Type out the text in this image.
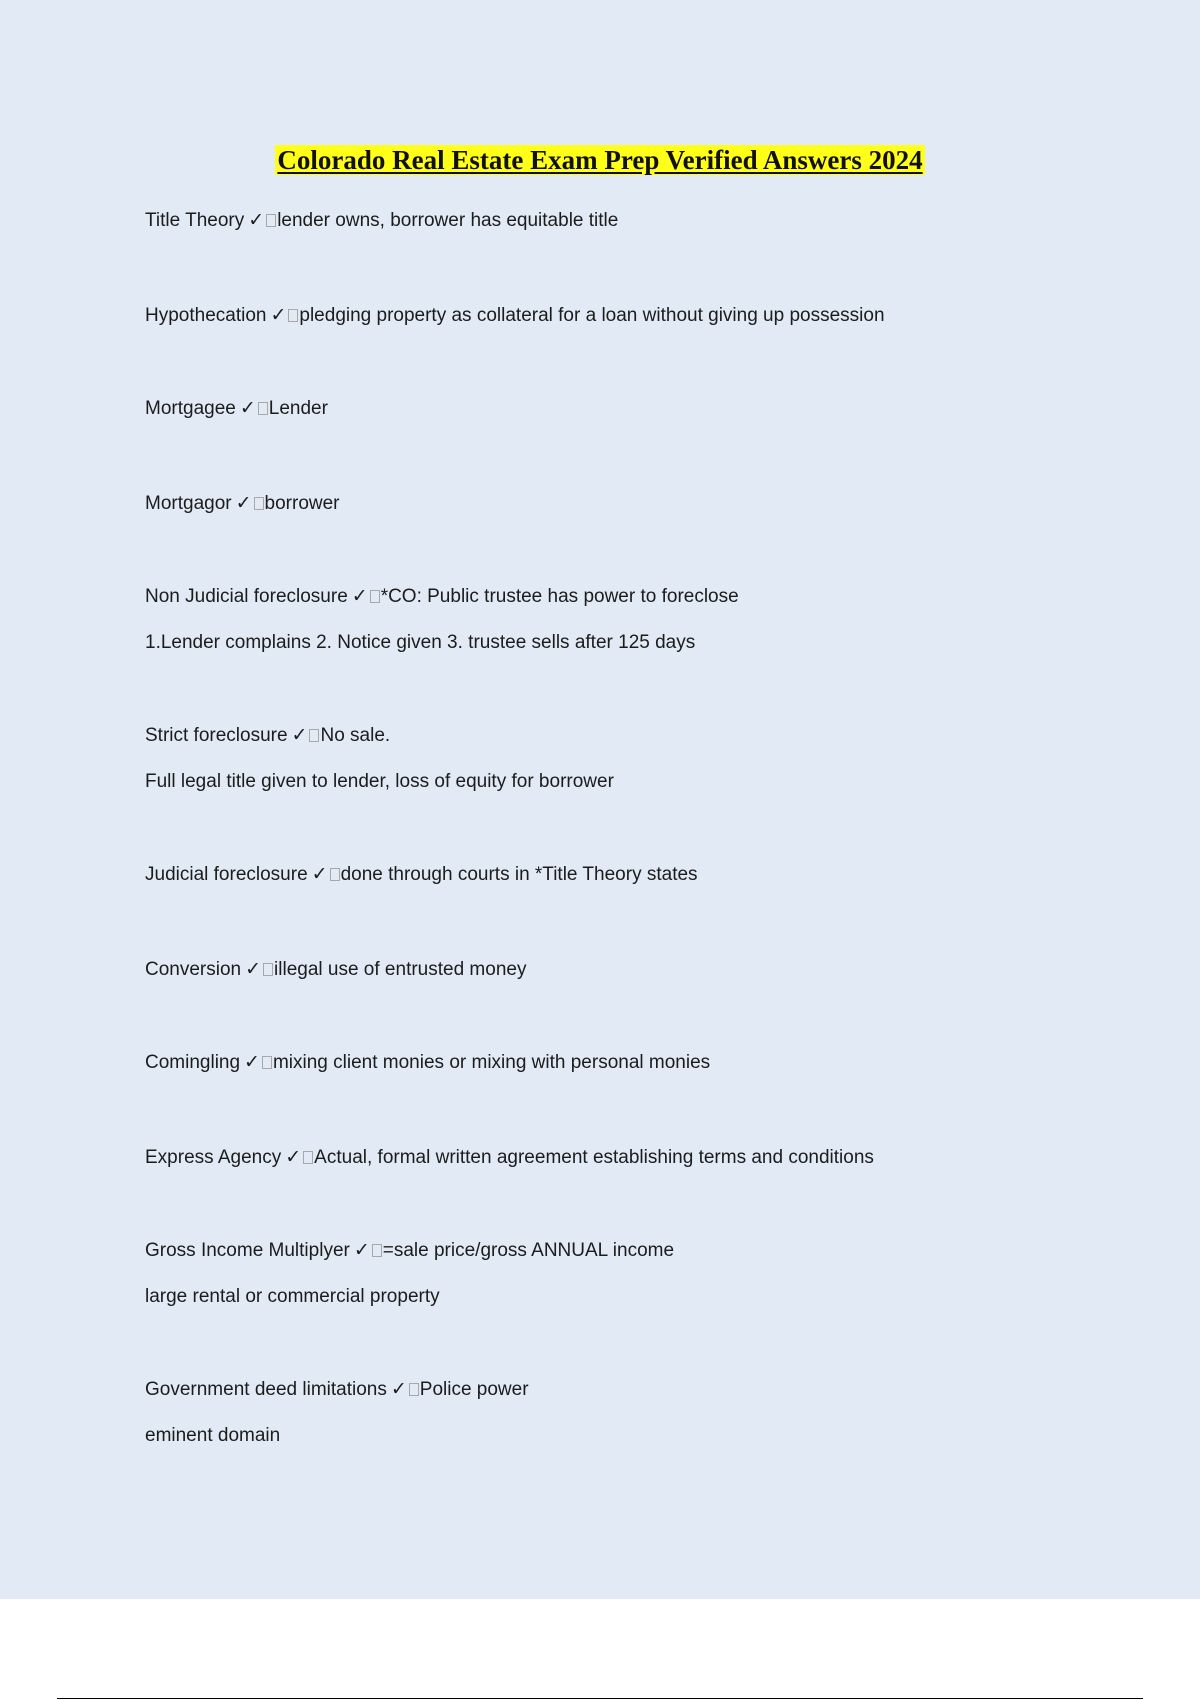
Colorado Real Estate Exam Prep Verified Answers 2024
Title Theory ✓ lender owns, borrower has equitable title
Hypothecation ✓ pledging property as collateral for a loan without giving up possession
Mortgagee ✓ Lender
Mortgagor ✓ borrower
Non Judicial foreclosure ✓ *CO: Public trustee has power to foreclose
1.Lender complains 2. Notice given 3. trustee sells after 125 days
Strict foreclosure ✓ No sale.
Full legal title given to lender, loss of equity for borrower
Judicial foreclosure ✓ done through courts in *Title Theory states
Conversion ✓ illegal use of entrusted money
Comingling ✓ mixing client monies or mixing with personal monies
Express Agency ✓ Actual, formal written agreement establishing terms and conditions
Gross Income Multiplyer ✓ =sale price/gross ANNUAL income
large rental or commercial property
Government deed limitations ✓ Police power
eminent domain
